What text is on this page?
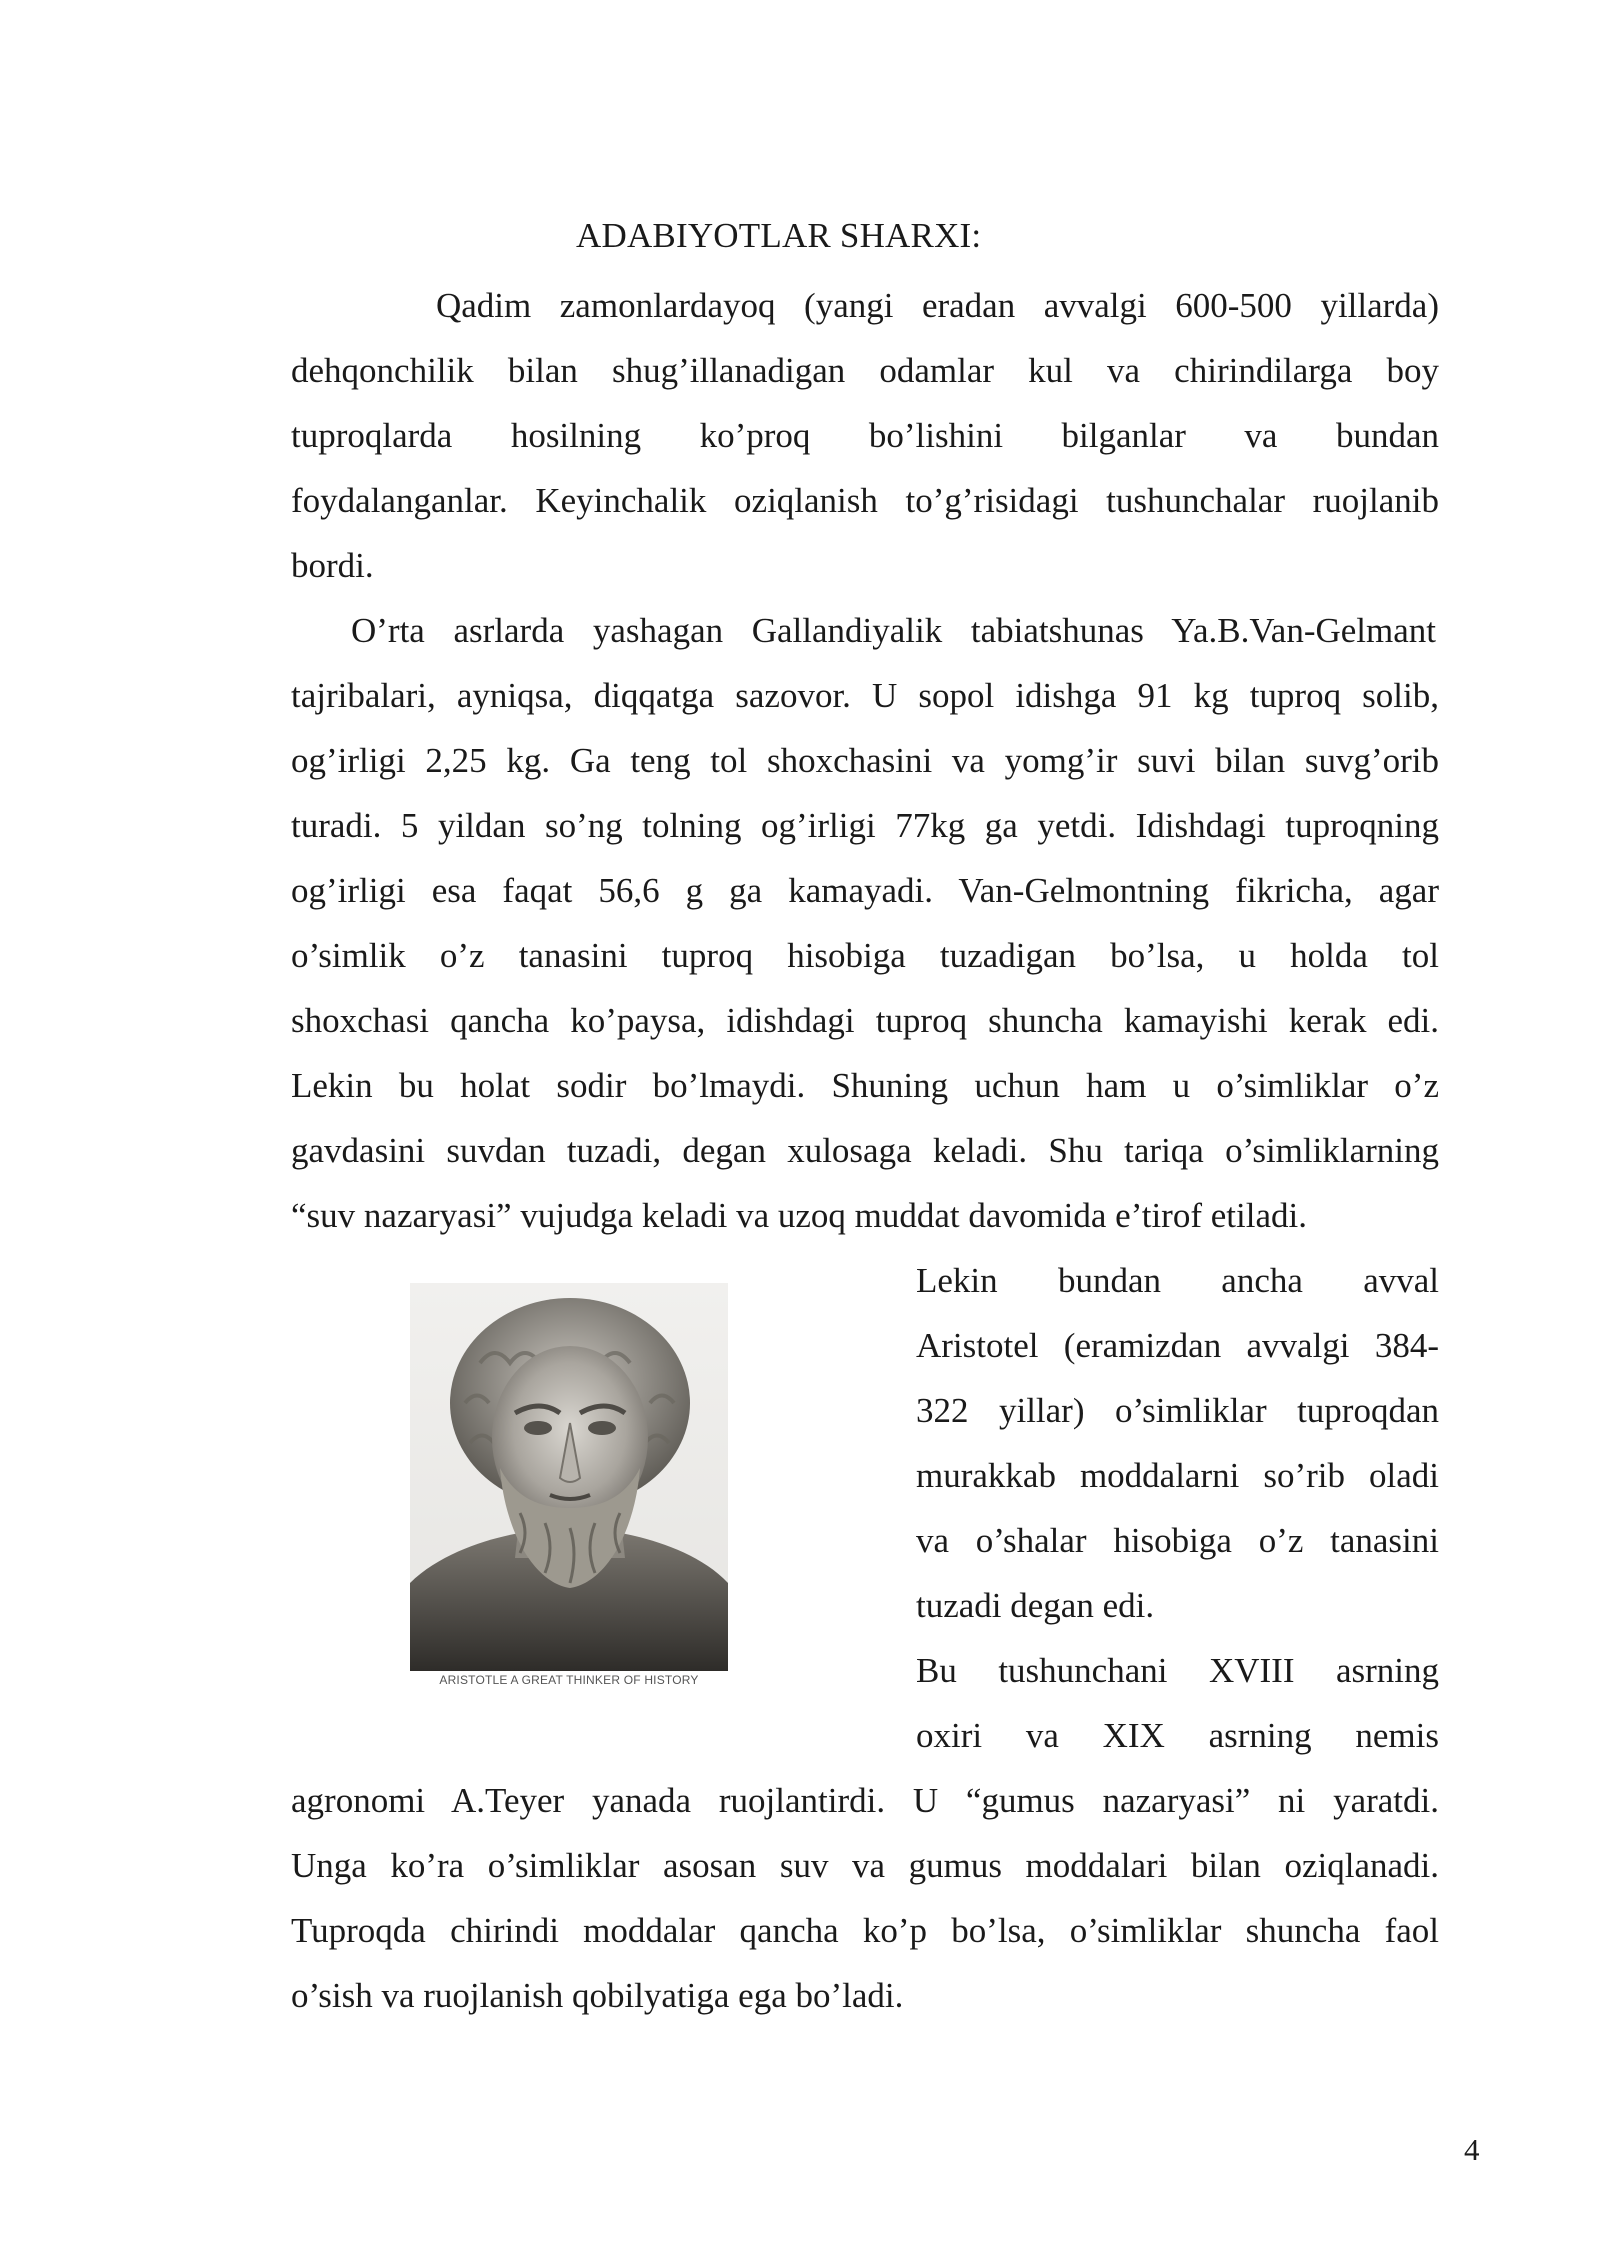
ADABIYOTLAR SHARXI:
Qadim zamonlardayoq (yangi eradan avvalgi 600-500 yillarda)
dehqonchilik bilan shug’illanadigan odamlar kul va chirindilarga boy
tuproqlarda hosilning ko’proq bo’lishini bilganlar va bundan
foydalanganlar. Keyinchalik oziqlanish to’g’risidagi tushunchalar ruojlanib
bordi.
O’rta asrlarda yashagan Gallandiyalik tabiatshunas Ya.B.Van-Gelmant
tajribalari, ayniqsa, diqqatga sazovor. U sopol idishga 91 kg tuproq solib,
og’irligi 2,25 kg. Ga teng tol shoxchasini va yomg’ir suvi bilan suvg’orib
turadi. 5 yildan so’ng tolning og’irligi 77kg ga yetdi. Idishdagi tuproqning
og’irligi esa faqat 56,6 g ga kamayadi. Van-Gelmontning fikricha, agar
o’simlik o’z tanasini tuproq hisobiga tuzadigan bo’lsa, u holda tol
shoxchasi qancha ko’paysa, idishdagi tuproq shuncha kamayishi kerak edi.
Lekin bu holat sodir bo’lmaydi. Shuning uchun ham u o’simliklar o’z
gavdasini suvdan tuzadi, degan xulosaga keladi. Shu tariqa o’simliklarning
“suv nazaryasi” vujudga keladi va uzoq muddat davomida e’tirof etiladi.
ARISTOTLE A GREAT THINKER OF HISTORY
Lekin bundan ancha avval
Aristotel (eramizdan avvalgi 384-
322 yillar) o’simliklar tuproqdan
murakkab moddalarni so’rib oladi
va o’shalar hisobiga o’z tanasini
tuzadi degan edi.
Bu tushunchani XVIII asrning
oxiri va XIX asrning nemis
agronomi A.Teyer yanada ruojlantirdi. U “gumus nazaryasi” ni yaratdi.
Unga ko’ra o’simliklar asosan suv va gumus moddalari bilan oziqlanadi.
Tuproqda chirindi moddalar qancha ko’p bo’lsa, o’simliklar shuncha faol
o’sish va ruojlanish qobilyatiga ega bo’ladi.
4
